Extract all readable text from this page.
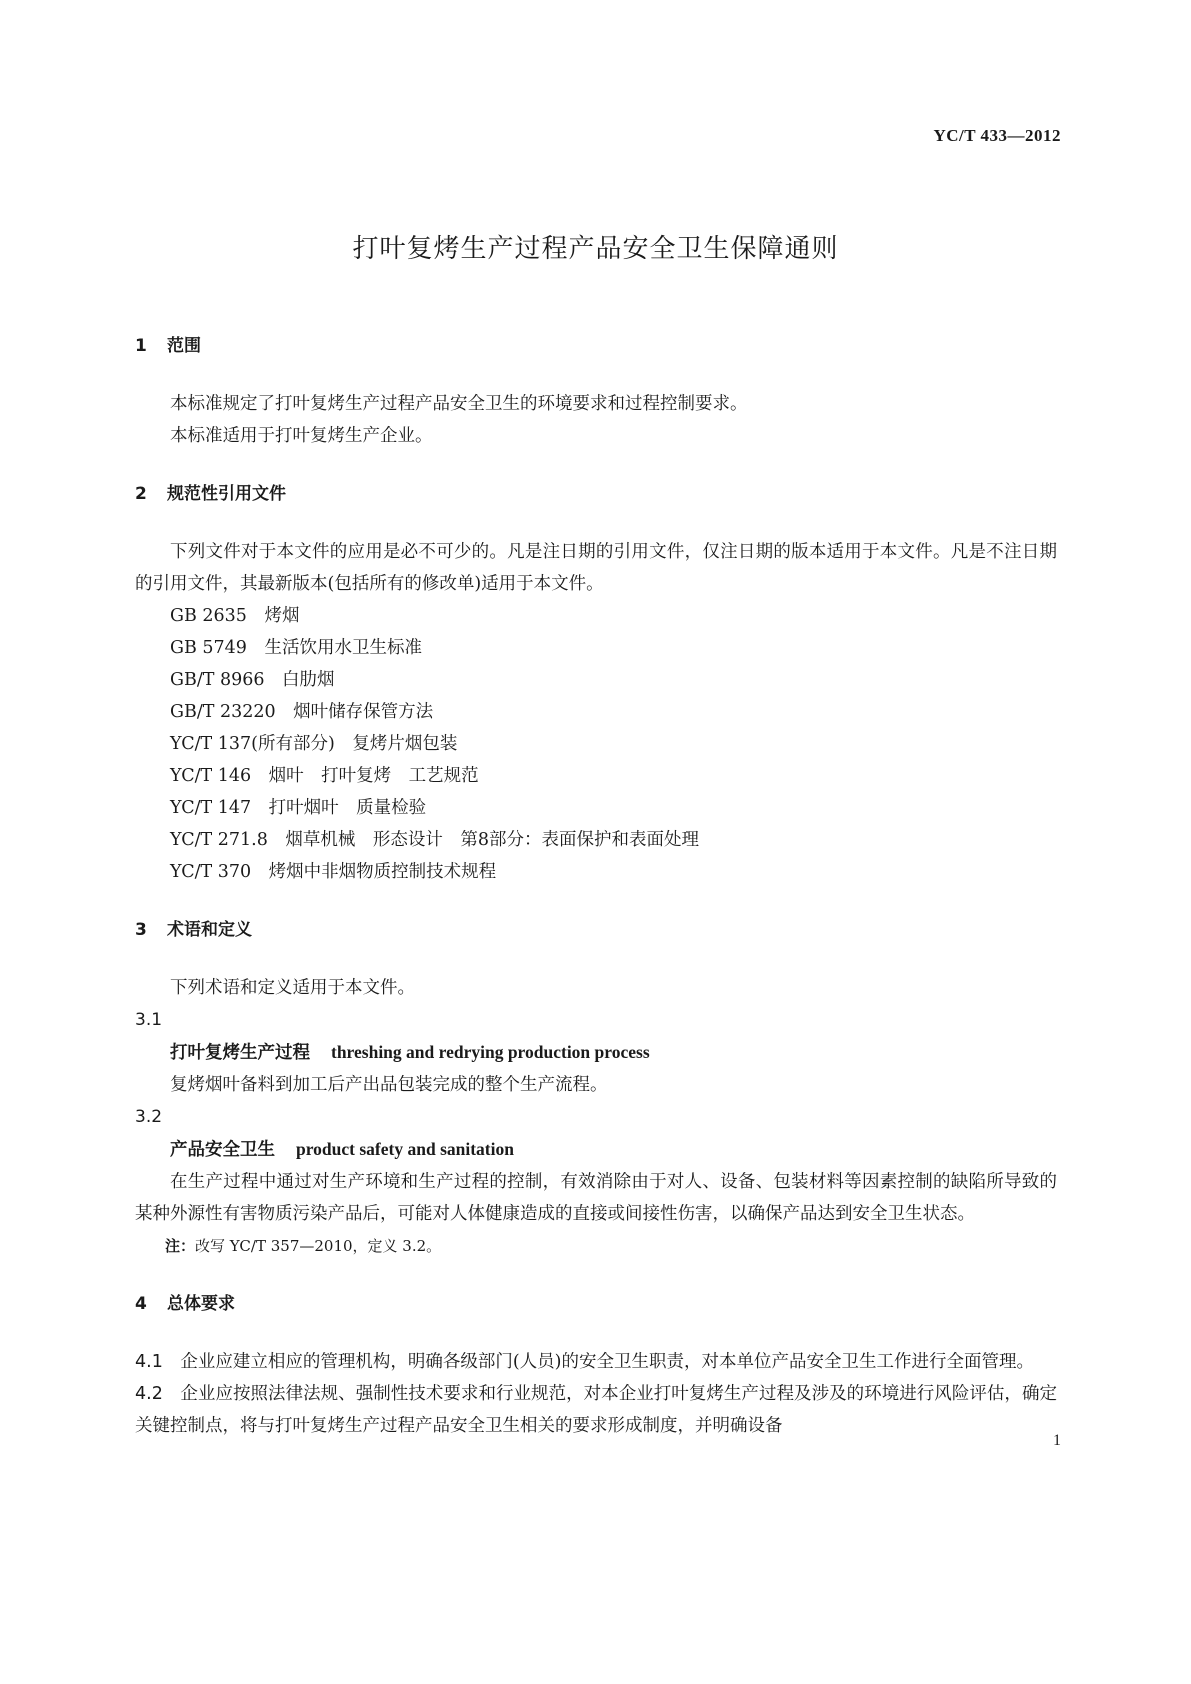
YC/T 433—2012
打叶复烤生产过程产品安全卫生保障通则
1	范围

本标准规定了打叶复烤生产过程产品安全卫生的环境要求和过程控制要求。

本标准适用于打叶复烤生产企业。

2	规范性引用文件

下列文件对于本文件的应用是必不可少的。凡是注日期的引用文件，仅注日期的版本适用于本文件。凡是不注日期的引用文件，其最新版本(包括所有的修改单)适用于本文件。

GB 2635 烤烟

GB 5749 生活饮用水卫生标准

GB/T 8966 白肋烟

GB/T 23220 烟叶储存保管方法

YC/T 137(所有部分) 复烤片烟包装

YC/T 146 烟叶　打叶复烤　工艺规范

YC/T 147 打叶烟叶　质量检验

YC/T 271.8 烟草机械　形态设计　第8部分：表面保护和表面处理

YC/T 370 烤烟中非烟物质控制技术规程

3	术语和定义

下列术语和定义适用于本文件。

3.1

打叶复烤生产过程 threshing and redrying production process

复烤烟叶备料到加工后产出品包装完成的整个生产流程。

3.2

产品安全卫生 product safety and sanitation

在生产过程中通过对生产环境和生产过程的控制，有效消除由于对人、设备、包装材料等因素控制的缺陷所导致的某种外源性有害物质污染产品后，可能对人体健康造成的直接或间接性伤害，以确保产品达到安全卫生状态。

注：改写 YC/T 357—2010，定义 3.2。

4	总体要求

4.1 企业应建立相应的管理机构，明确各级部门(人员)的安全卫生职责，对本单位产品安全卫生工作进行全面管理。

4.2 企业应按照法律法规、强制性技术要求和行业规范，对本企业打叶复烤生产过程及涉及的环境进行风险评估，确定关键控制点，将与打叶复烤生产过程产品安全卫生相关的要求形成制度，并明确设备

1
